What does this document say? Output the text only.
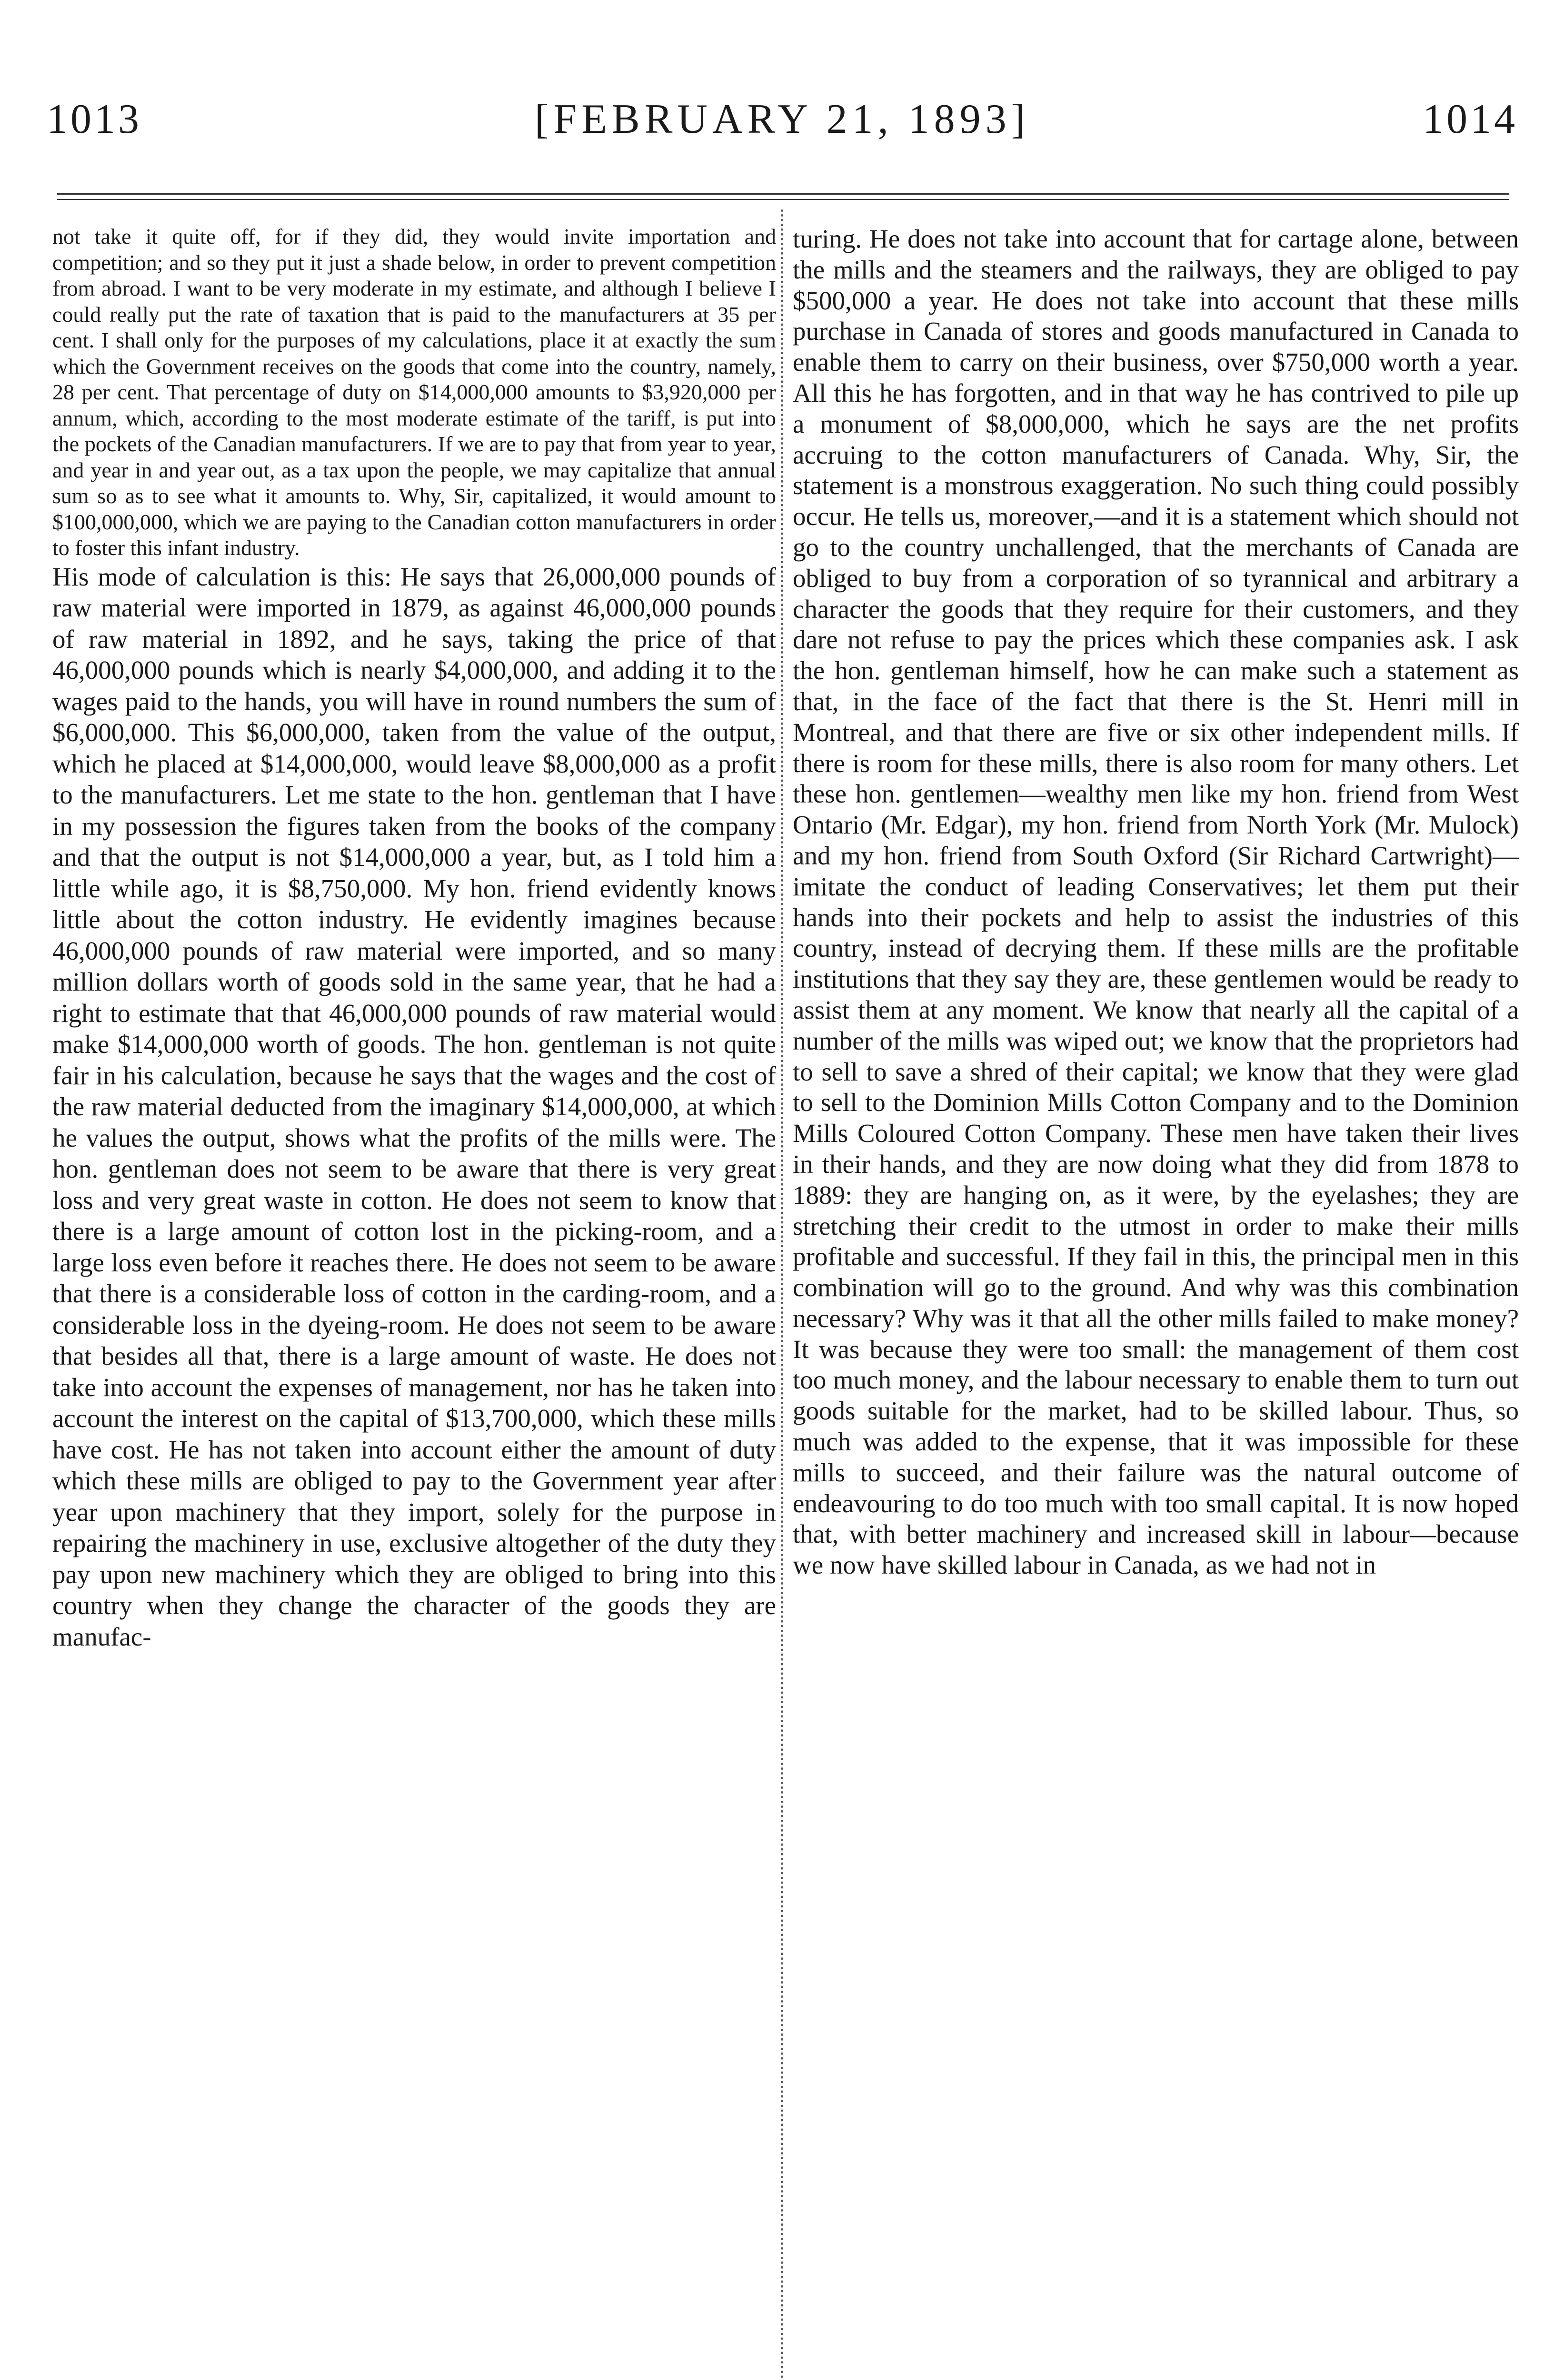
1013	[FEBRUARY 21, 1893]	1014

not take it quite off, for if they did, they would invite importation and competition; and so they put it just a shade below, in order to prevent competition from abroad. I want to be very moderate in my estimate, and although I believe I could really put the rate of taxation that is paid to the manufacturers at 35 per cent. I shall only for the purposes of my calculations, place it at exactly the sum which the Government receives on the goods that come into the country, namely, 28 per cent. That percentage of duty on $14,000,000 amounts to $3,920,000 per annum, which, according to the most moderate estimate of the tariff, is put into the pockets of the Canadian manufacturers. If we are to pay that from year to year, and year in and year out, as a tax upon the people, we may capitalize that annual sum so as to see what it amounts to. Why, Sir, capitalized, it would amount to $100,000,000, which we are paying to the Canadian cotton manufacturers in order to foster this infant industry.

His mode of calculation is this: He says that 26,000,000 pounds of raw material were imported in 1879, as against 46,000,000 pounds of raw material in 1892, and he says, taking the price of that 46,000,000 pounds which is nearly $4,000,000, and adding it to the wages paid to the hands, you will have in round numbers the sum of $6,000,000. This $6,000,000, taken from the value of the output, which he placed at $14,000,000, would leave $8,000,000 as a profit to the manufacturers. Let me state to the hon. gentleman that I have in my possession the figures taken from the books of the company and that the output is not $14,000,000 a year, but, as I told him a little while ago, it is $8,750,000. My hon. friend evidently knows little about the cotton industry. He evidently imagines because 46,000,000 pounds of raw material were imported, and so many million dollars worth of goods sold in the same year, that he had a right to estimate that that 46,000,000 pounds of raw material would make $14,000,000 worth of goods. The hon. gentleman is not quite fair in his calculation, because he says that the wages and the cost of the raw material deducted from the imaginary $14,000,000, at which he values the output, shows what the profits of the mills were. The hon. gentleman does not seem to be aware that there is very great loss and very great waste in cotton. He does not seem to know that there is a large amount of cotton lost in the picking-room, and a large loss even before it reaches there. He does not seem to be aware that there is a considerable loss of cotton in the carding-room, and a considerable loss in the dyeing-room. He does not seem to be aware that besides all that, there is a large amount of waste. He does not take into account the expenses of management, nor has he taken into account the interest on the capital of $13,700,000, which these mills have cost. He has not taken into account either the amount of duty which these mills are obliged to pay to the Government year after year upon machinery that they import, solely for the purpose in repairing the machinery in use, exclusive altogether of the duty they pay upon new machinery which they are obliged to bring into this country when they change the character of the goods they are manufac-

turing. He does not take into account that for cartage alone, between the mills and the steamers and the railways, they are obliged to pay $500,000 a year. He does not take into account that these mills purchase in Canada of stores and goods manufactured in Canada to enable them to carry on their business, over $750,000 worth a year. All this he has forgotten, and in that way he has contrived to pile up a monument of $8,000,000, which he says are the net profits accruing to the cotton manufacturers of Canada. Why, Sir, the statement is a monstrous exaggeration. No such thing could possibly occur. He tells us, moreover,—and it is a statement which should not go to the country unchallenged, that the merchants of Canada are obliged to buy from a corporation of so tyrannical and arbitrary a character the goods that they require for their customers, and they dare not refuse to pay the prices which these companies ask. I ask the hon. gentleman himself, how he can make such a statement as that, in the face of the fact that there is the St. Henri mill in Montreal, and that there are five or six other independent mills. If there is room for these mills, there is also room for many others. Let these hon. gentlemen—wealthy men like my hon. friend from West Ontario (Mr. Edgar), my hon. friend from North York (Mr. Mulock) and my hon. friend from South Oxford (Sir Richard Cartwright)—imitate the conduct of leading Conservatives; let them put their hands into their pockets and help to assist the industries of this country, instead of decrying them. If these mills are the profitable institutions that they say they are, these gentlemen would be ready to assist them at any moment. We know that nearly all the capital of a number of the mills was wiped out; we know that the proprietors had to sell to save a shred of their capital; we know that they were glad to sell to the Dominion Mills Cotton Company and to the Dominion Mills Coloured Cotton Company. These men have taken their lives in their hands, and they are now doing what they did from 1878 to 1889: they are hanging on, as it were, by the eyelashes; they are stretching their credit to the utmost in order to make their mills profitable and successful. If they fail in this, the principal men in this combination will go to the ground. And why was this combination necessary? Why was it that all the other mills failed to make money? It was because they were too small: the management of them cost too much money, and the labour necessary to enable them to turn out goods suitable for the market, had to be skilled labour. Thus, so much was added to the expense, that it was impossible for these mills to succeed, and their failure was the natural outcome of endeavouring to do too much with too small capital. It is now hoped that, with better machinery and increased skill in labour—because we now have skilled labour in Canada, as we had not in
